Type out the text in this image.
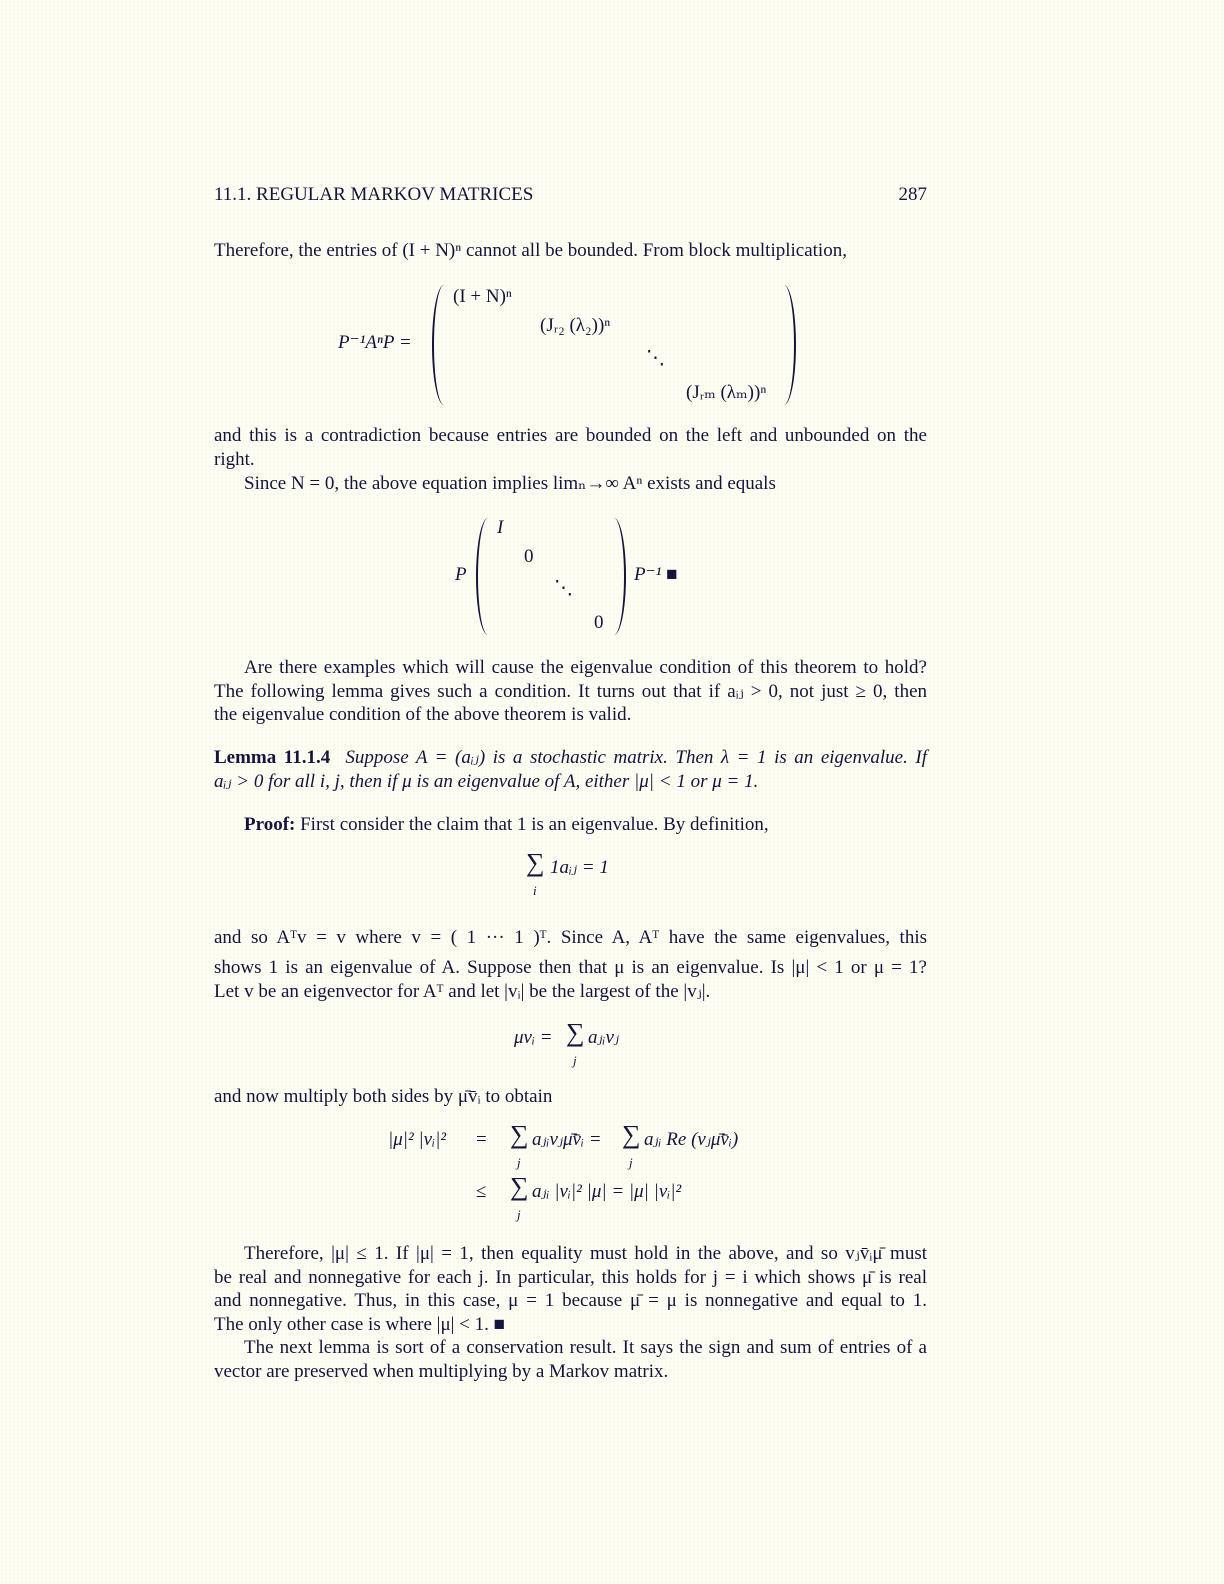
11.1. REGULAR MARKOV MATRICES	287
Therefore, the entries of (I + N)ⁿ cannot all be bounded. From block multiplication,
P⁻¹AⁿP =
(I + N)ⁿ
(Jᵣ₂ (λ₂))ⁿ
⋱
(Jᵣₘ (λₘ))ⁿ
and this is a contradiction because entries are bounded on the left and unbounded on the
right.
Since N = 0, the above equation implies limₙ→∞ Aⁿ exists and equals
P
I
0
⋱
0
P⁻¹ ■
Are there examples which will cause the eigenvalue condition of this theorem to hold?
The following lemma gives such a condition. It turns out that if aᵢⱼ > 0, not just ≥ 0, then
the eigenvalue condition of the above theorem is valid.
Lemma 11.1.4 Suppose A = (aᵢⱼ) is a stochastic matrix. Then λ = 1 is an eigenvalue. If
aᵢⱼ > 0 for all i, j, then if μ is an eigenvalue of A, either |μ| < 1 or μ = 1.
Proof: First consider the claim that 1 is an eigenvalue. By definition,
∑
i
1aᵢⱼ = 1
and so Aᵀv = v where v = ( 1 ··· 1 )ᵀ. Since A, Aᵀ have the same eigenvalues, this
shows 1 is an eigenvalue of A. Suppose then that μ is an eigenvalue. Is |μ| < 1 or μ = 1?
Let v be an eigenvector for Aᵀ and let |vᵢ| be the largest of the |vⱼ|.
μvᵢ = ∑
j
aⱼᵢvⱼ
and now multiply both sides by μ̄v̄ᵢ to obtain
|μ|² |vᵢ|² = ∑
j
aⱼᵢvⱼμ̄v̄ᵢ = ∑
j
aⱼᵢ Re (vⱼμ̄v̄ᵢ)
≤ ∑
j
aⱼᵢ |vᵢ|² |μ| = |μ| |vᵢ|²
Therefore, |μ| ≤ 1. If |μ| = 1, then equality must hold in the above, and so vⱼv̄ᵢμ̄ must
be real and nonnegative for each j. In particular, this holds for j = i which shows μ̄ is real
and nonnegative. Thus, in this case, μ = 1 because μ̄ = μ is nonnegative and equal to 1.
The only other case is where |μ| < 1. ■
The next lemma is sort of a conservation result. It says the sign and sum of entries of a
vector are preserved when multiplying by a Markov matrix.
